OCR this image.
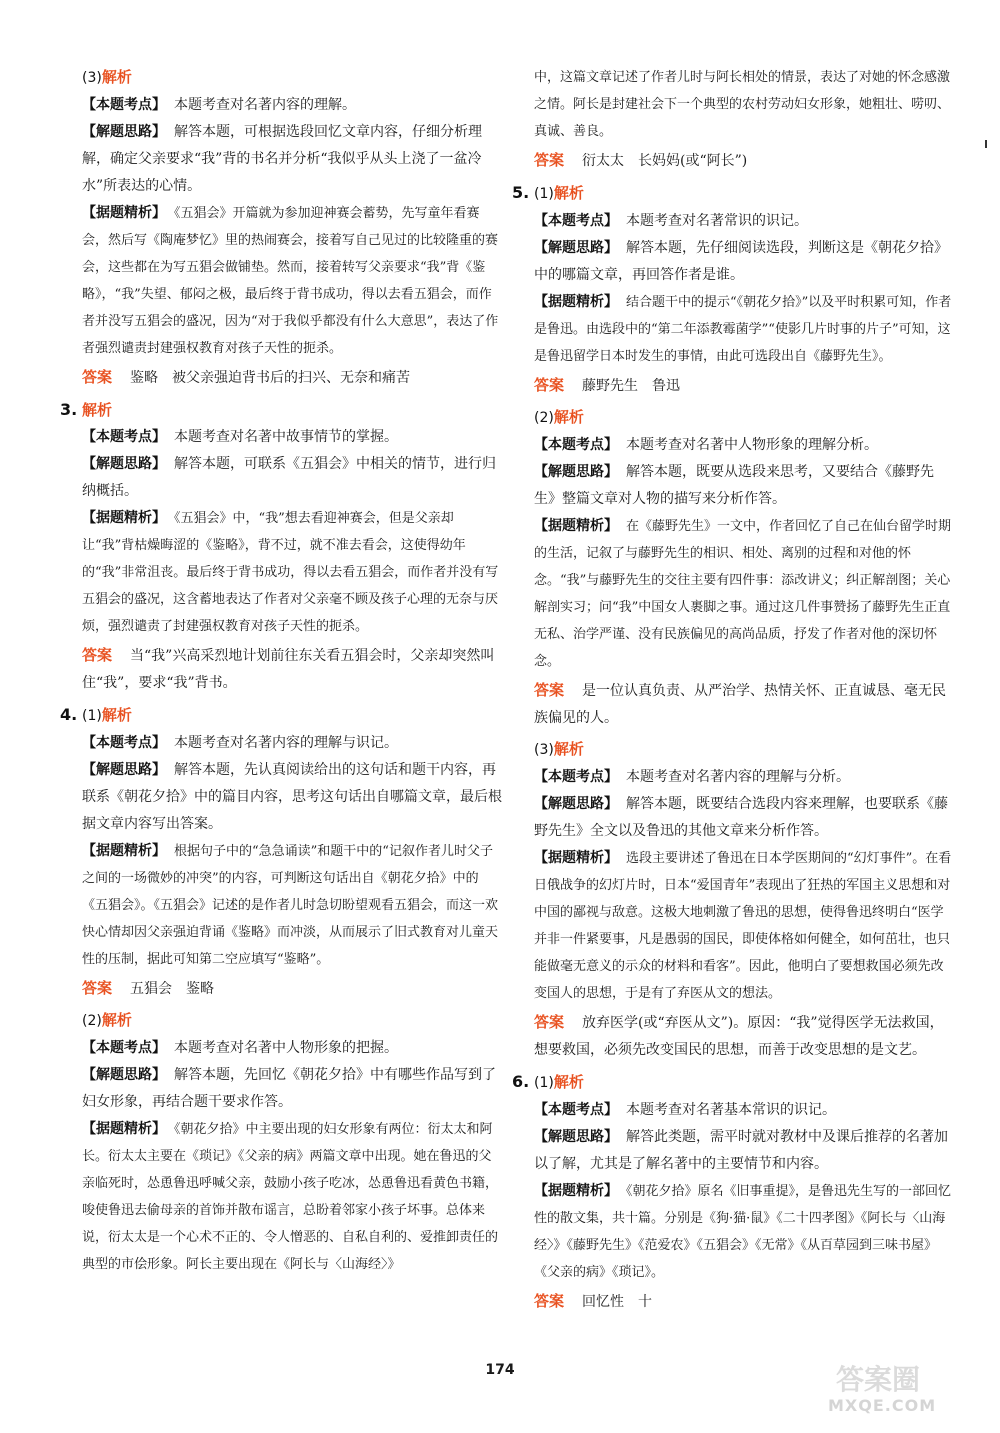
(3)解析

【本题考点】 本题考查对名著内容的理解。

【解题思路】 解答本题，可根据选段回忆文章内容，仔细分析理解，确定父亲要求“我”背的书名并分析“我似乎从头上浇了一盆冷水”所表达的心情。

【据题精析】 《五猖会》开篇就为参加迎神赛会蓄势，先写童年看赛会，然后写《陶庵梦忆》里的热闹赛会，接着写自己见过的比较隆重的赛会，这些都在为写五猖会做铺垫。然而，接着转写父亲要求“我”背《鉴略》，“我”失望、郁闷之极，最后终于背书成功，得以去看五猖会，而作者并没写五猖会的盛况，因为“对于我似乎都没有什么大意思”，表达了作者强烈谴责封建强权教育对孩子天性的扼杀。

答案 鉴略　被父亲强迫背书后的扫兴、无奈和痛苦

3. 解析

【本题考点】 本题考查对名著中故事情节的掌握。

【解题思路】 解答本题，可联系《五猖会》中相关的情节，进行归纳概括。

【据题精析】 《五猖会》中，“我”想去看迎神赛会，但是父亲却让“我”背枯燥晦涩的《鉴略》，背不过，就不准去看会，这使得幼年的“我”非常沮丧。最后终于背书成功，得以去看五猖会，而作者并没有写五猖会的盛况，这含蓄地表达了作者对父亲毫不顾及孩子心理的无奈与厌烦，强烈谴责了封建强权教育对孩子天性的扼杀。

答案 当“我”兴高采烈地计划前往东关看五猖会时，父亲却突然叫住“我”，要求“我”背书。

4. (1)解析

【本题考点】 本题考查对名著内容的理解与识记。

【解题思路】 解答本题，先认真阅读给出的这句话和题干内容，再联系《朝花夕拾》中的篇目内容，思考这句话出自哪篇文章，最后根据文章内容写出答案。

【据题精析】 根据句子中的“急急诵读”和题干中的“记叙作者儿时父子之间的一场微妙的冲突”的内容，可判断这句话出自《朝花夕拾》中的《五猖会》。《五猖会》记述的是作者儿时急切盼望观看五猖会，而这一欢快心情却因父亲强迫背诵《鉴略》而冲淡，从而展示了旧式教育对儿童天性的压制，据此可知第二空应填写“鉴略”。

答案 五猖会　鉴略

(2)解析

【本题考点】 本题考查对名著中人物形象的把握。

【解题思路】 解答本题，先回忆《朝花夕拾》中有哪些作品写到了妇女形象，再结合题干要求作答。

【据题精析】 《朝花夕拾》中主要出现的妇女形象有两位：衍太太和阿长。衍太太主要在《琐记》《父亲的病》两篇文章中出现。她在鲁迅的父亲临死时，怂恿鲁迅呼喊父亲，鼓励小孩子吃冰，怂恿鲁迅看黄色书籍，唆使鲁迅去偷母亲的首饰并散布谣言，总盼着邻家小孩子坏事。总体来说，衍太太是一个心术不正的、令人憎恶的、自私自利的、爱推卸责任的典型的市侩形象。阿长主要出现在《阿长与〈山海经〉》

中，这篇文章记述了作者儿时与阿长相处的情景，表达了对她的怀念感激之情。阿长是封建社会下一个典型的农村劳动妇女形象，她粗壮、唠叨、真诚、善良。

答案 衍太太　长妈妈(或“阿长”)

5. (1)解析

【本题考点】 本题考查对名著常识的识记。

【解题思路】 解答本题，先仔细阅读选段，判断这是《朝花夕拾》中的哪篇文章，再回答作者是谁。

【据题精析】 结合题干中的提示“《朝花夕拾》”以及平时积累可知，作者是鲁迅。由选段中的“第二年添教霉菌学”“使影几片时事的片子”可知，这是鲁迅留学日本时发生的事情，由此可选段出自《藤野先生》。

答案 藤野先生　鲁迅

(2)解析

【本题考点】 本题考查对名著中人物形象的理解分析。

【解题思路】 解答本题，既要从选段来思考，又要结合《藤野先生》整篇文章对人物的描写来分析作答。

【据题精析】 在《藤野先生》一文中，作者回忆了自己在仙台留学时期的生活，记叙了与藤野先生的相识、相处、离别的过程和对他的怀念。“我”与藤野先生的交往主要有四件事：添改讲义；纠正解剖图；关心解剖实习；问“我”中国女人裹脚之事。通过这几件事赞扬了藤野先生正直无私、治学严谨、没有民族偏见的高尚品质，抒发了作者对他的深切怀念。

答案 是一位认真负责、从严治学、热情关怀、正直诚恳、毫无民族偏见的人。

(3)解析

【本题考点】 本题考查对名著内容的理解与分析。

【解题思路】 解答本题，既要结合选段内容来理解，也要联系《藤野先生》全文以及鲁迅的其他文章来分析作答。

【据题精析】 选段主要讲述了鲁迅在日本学医期间的“幻灯事件”。在看日俄战争的幻灯片时，日本“爱国青年”表现出了狂热的军国主义思想和对中国的鄙视与敌意。这极大地刺激了鲁迅的思想，使得鲁迅终明白“医学并非一件紧要事，凡是愚弱的国民，即使体格如何健全，如何茁壮，也只能做毫无意义的示众的材料和看客”。因此，他明白了要想救国必须先改变国人的思想，于是有了弃医从文的想法。

答案 放弃医学(或“弃医从文”)。原因：“我”觉得医学无法救国，想要救国，必须先改变国民的思想，而善于改变思想的是文艺。

6. (1)解析

【本题考点】 本题考查对名著基本常识的识记。

【解题思路】 解答此类题，需平时就对教材中及课后推荐的名著加以了解，尤其是了解名著中的主要情节和内容。

【据题精析】 《朝花夕拾》原名《旧事重提》，是鲁迅先生写的一部回忆性的散文集，共十篇。分别是《狗·猫·鼠》《二十四孝图》《阿长与〈山海经〉》《藤野先生》《范爱农》《五猖会》《无常》《从百草园到三味书屋》《父亲的病》《琐记》。

答案 回忆性　十

174	答案圈
MXQE.COM
